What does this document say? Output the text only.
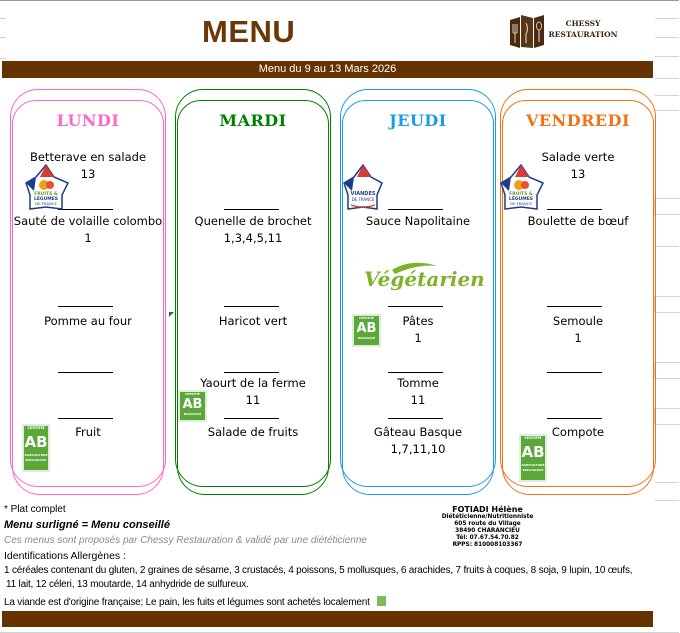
MENU	CHESSY
RESTAURATION
Menu du 9 au 13 Mars 2026
LUNDI
Betterave en salade
13
Sauté de volaille colombo
1
Pomme au four
Fruit
MARDI
Quenelle de brochet
1,3,4,5,11
Haricot vert
Yaourt de la ferme
11
Salade de fruits
JEUDI
Sauce Napolitaine
Pâtes
1
Tomme
11
Gâteau Basque
1,7,11,10
VENDREDI
Salade verte
13
Boulette de bœuf
Semoule
1
Compote
FRUITS &
LÉGUMES
DE FRANCE
FRUITS &
LÉGUMES
DE FRANCE
VIANDES
DE FRANCE
Végétarien
CERTIFIÉ
AB
AGRICULTURE
BIOLOGIQUE
CERTIFIÉ
AB
BIOLOGIQUE
CERTIFIÉ
AB
BIOLOGIQUE
CERTIFIÉ
AB
AGRICULTURE
BIOLOGIQUE
* Plat complet
Menu surligné = Menu conseillé
Ces menus sont proposés par Chessy Restauration & validé par une diététicienne
Identifications Allergènes :
1 céréales contenant du gluten, 2 graines de sésame, 3 crustacés, 4 poissons, 5 mollusques, 6 arachides, 7 fruits à coques, 8 soja, 9 lupin, 10 œufs,
11 lait, 12 céleri, 13 moutarde, 14 anhydride de sulfureux.
La viande est d'origine française; Le pain, les fuits et légumes sont achetés localement
FOTIADI Hélène
Diététicienne/Nutritionniste
605 route du Village
38490 CHARANCIEU
Tél: 07.67.54.70.82
RPPS: 810008103367
